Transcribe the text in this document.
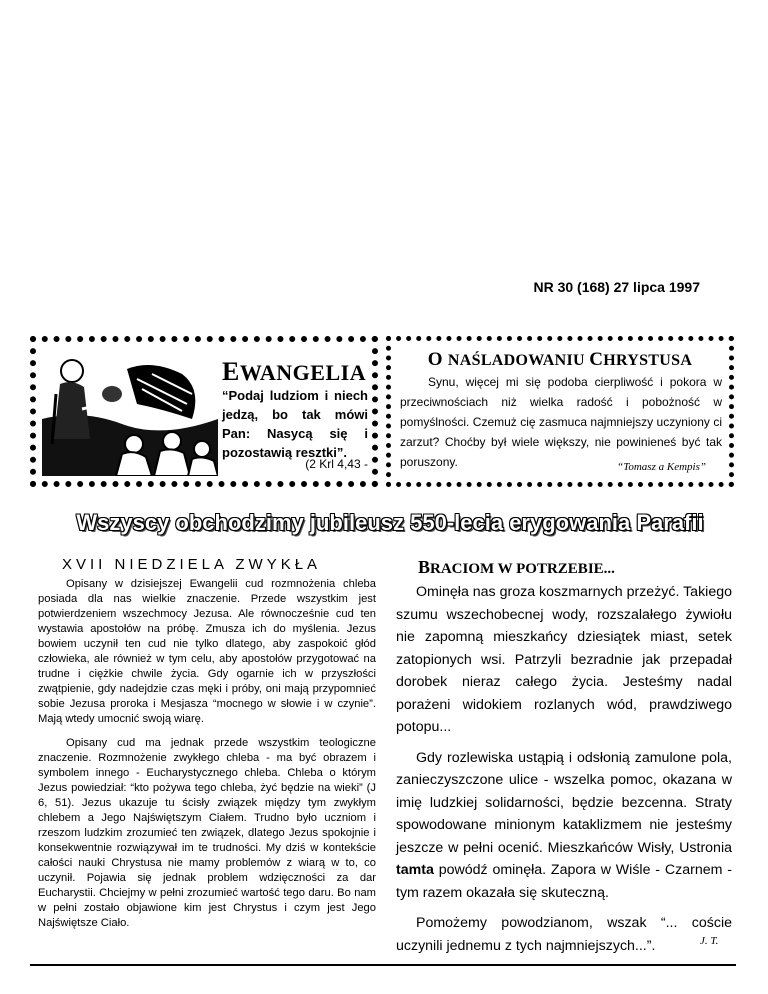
NR 30 (168) 27 lipca 1997
EWANGELIA
“Podaj ludziom i niech jedzą, bo tak mówi Pan: Nasycą się i pozostawią resztki”.
(2 Krl 4,43 -
O NAŚLADOWANIU CHRYSTUSA
Synu, więcej mi się podoba cierpliwość i pokora w przeciwnościach niż wielka radość i pobożność w pomyślności. Czemuż cię zasmuca najmniejszy uczyniony ci zarzut? Choćby był wiele większy, nie powinieneś być tak poruszony.	“Tomasz a Kempis”
Wszyscy obchodzimy jubileusz 550-lecia erygowania Parafii
XVII NIEDZIELA ZWYKŁA

Opisany w dzisiejszej Ewangelii cud rozmnożenia chleba posiada dla nas wielkie znaczenie. Przede wszystkim jest potwierdzeniem wszechmocy Jezusa. Ale równocześnie cud ten wystawia apostołów na próbę. Zmusza ich do myślenia. Jezus bowiem uczynił ten cud nie tylko dlatego, aby zaspokoić głód człowieka, ale również w tym celu, aby apostołów przygotować na trudne i ciężkie chwile życia. Gdy ogarnie ich w przyszłości zwątpienie, gdy nadejdzie czas męki i próby, oni mają przypomnieć sobie Jezusa proroka i Mesjasza “mocnego w słowie i w czynie”. Mają wtedy umocnić swoją wiarę.

Opisany cud ma jednak przede wszystkim teologiczne znaczenie. Rozmnożenie zwykłego chleba - ma być obrazem i symbolem innego - Eucharystycznego chleba. Chleba o którym Jezus powiedział: “kto pożywa tego chleba, żyć będzie na wieki” (J 6, 51). Jezus ukazuje tu ścisły związek między tym zwykłym chlebem a Jego Najświętszym Ciałem. Trudno było uczniom i rzeszom ludzkim zrozumieć ten związek, dlatego Jezus spokojnie i konsekwentnie rozwiązywał im te trudności. My dziś w kontekście całości nauki Chrystusa nie mamy problemów z wiarą w to, co uczynił. Pojawia się jednak problem wdzięczności za dar Eucharystii. Chciejmy w pełni zrozumieć wartość tego daru. Bo nam w pełni zostało objawione kim jest Chrystus i czym jest Jego Najświętsze Ciało.

BRACIOM W POTRZEBIE...

Ominęła nas groza koszmarnych przeżyć. Takiego szumu wszechobecnej wody, rozszalałego żywiołu nie zapomną mieszkańcy dziesiątek miast, setek zatopionych wsi. Patrzyli bezradnie jak przepadał dorobek nieraz całego życia. Jesteśmy nadal porażeni widokiem rozlanych wód, prawdziwego potopu...

Gdy rozlewiska ustąpią i odsłonią zamulone pola, zanieczyszczone ulice - wszelka pomoc, okazana w imię ludzkiej solidarności, będzie bezcenna. Straty spowodowane minionym kataklizmem nie jesteśmy jeszcze w pełni ocenić. Mieszkańców Wisły, Ustronia tamta powódź ominęła. Zapora w Wiśle - Czarnem - tym razem okazała się skuteczną.

Pomożemy powodzianom, wszak “... coście uczynili jednemu z tych najmniejszych...”.	J. T.
